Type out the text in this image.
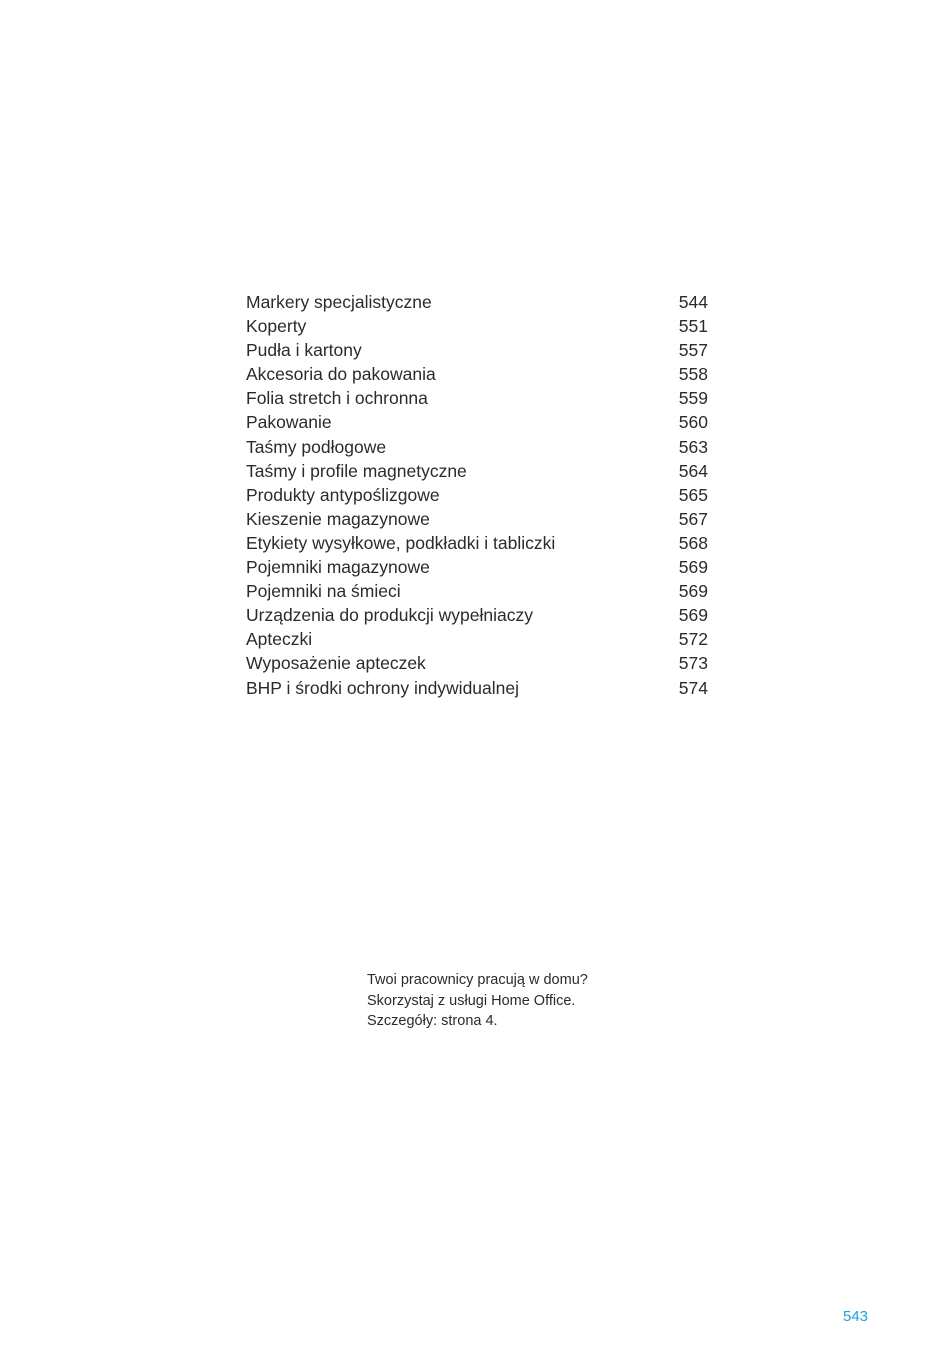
Markery specjalistyczne	544
Koperty	551
Pudła i kartony	557
Akcesoria do pakowania	558
Folia stretch i ochronna	559
Pakowanie	560
Taśmy podłogowe	563
Taśmy i profile magnetyczne	564
Produkty antypoślizgowe	565
Kieszenie magazynowe	567
Etykiety wysyłkowe, podkładki i tabliczki	568
Pojemniki magazynowe	569
Pojemniki na śmieci	569
Urządzenia do produkcji wypełniaczy	569
Apteczki	572
Wyposażenie apteczek	573
BHP i środki ochrony indywidualnej	574
Twoi pracownicy pracują w domu?
Skorzystaj z usługi Home Office.
Szczegóły: strona 4.
543
